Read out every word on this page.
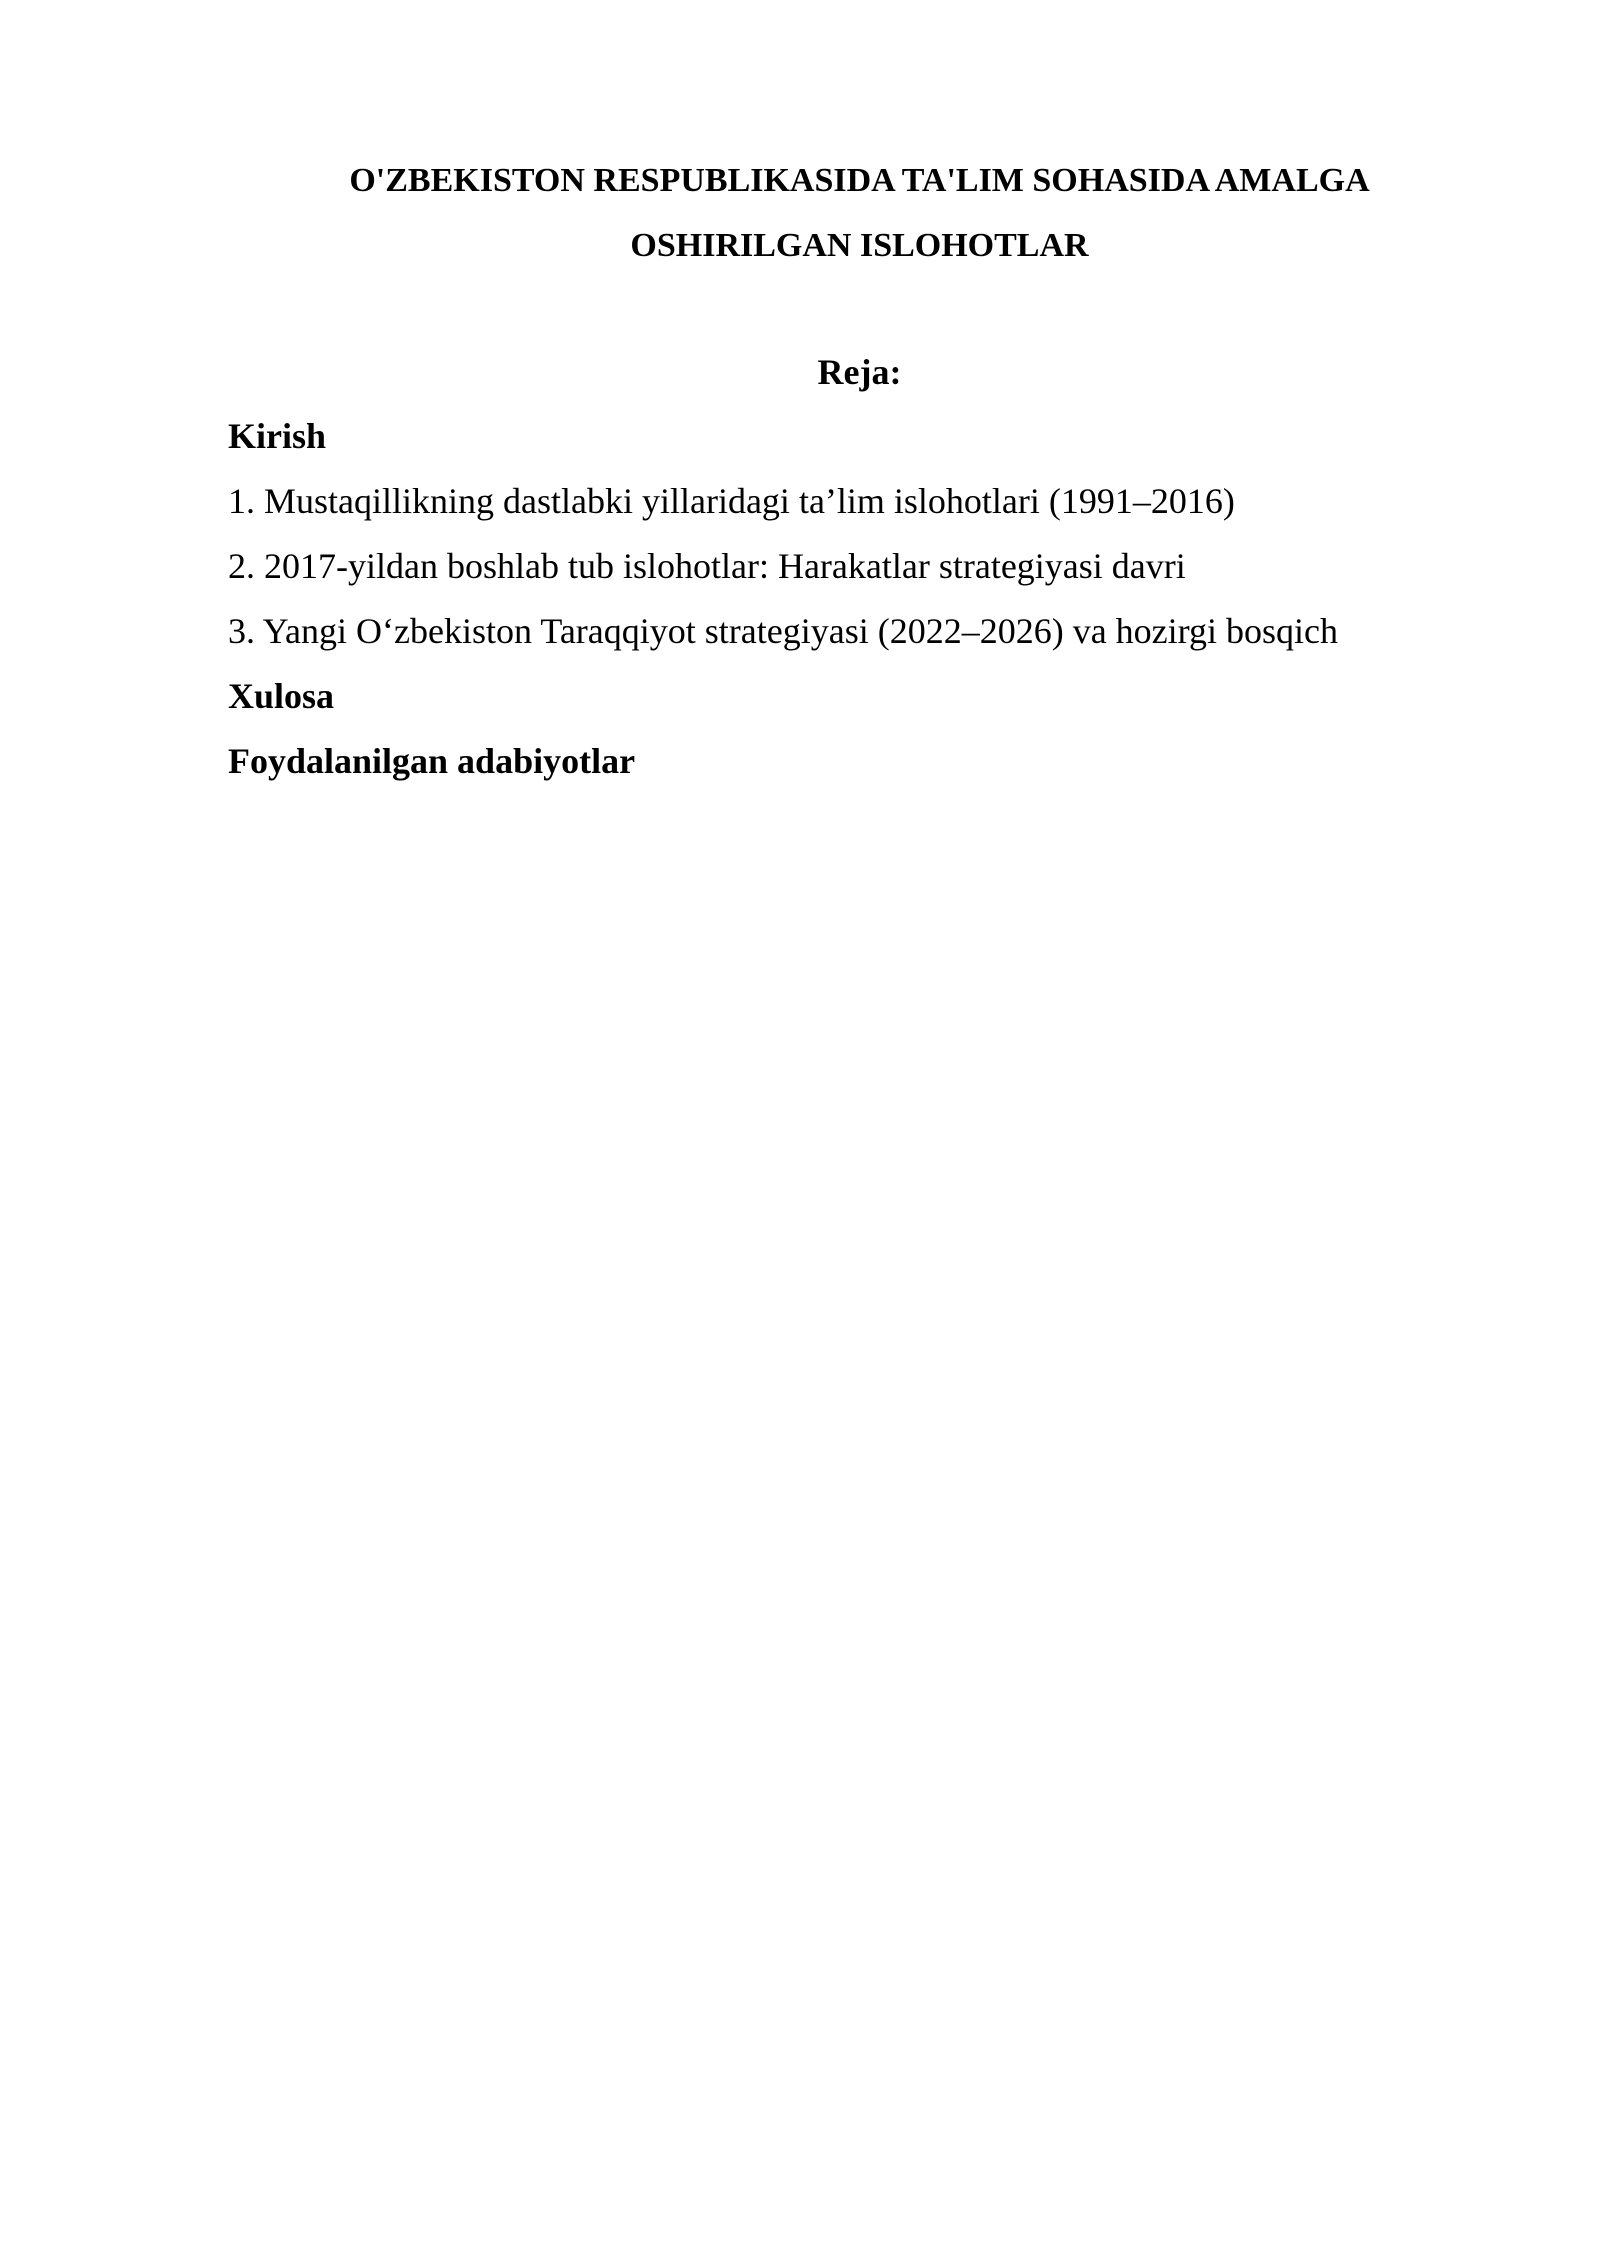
O'ZBEKISTON RESPUBLIKASIDA TA'LIM SOHASIDA AMALGA
OSHIRILGAN ISLOHOTLAR
Reja:
Kirish
1. Mustaqillikning dastlabki yillaridagi ta’lim islohotlari (1991–2016)
2. 2017-yildan boshlab tub islohotlar: Harakatlar strategiyasi davri
3. Yangi O‘zbekiston Taraqqiyot strategiyasi (2022–2026) va hozirgi bosqich
Xulosa
Foydalanilgan adabiyotlar
